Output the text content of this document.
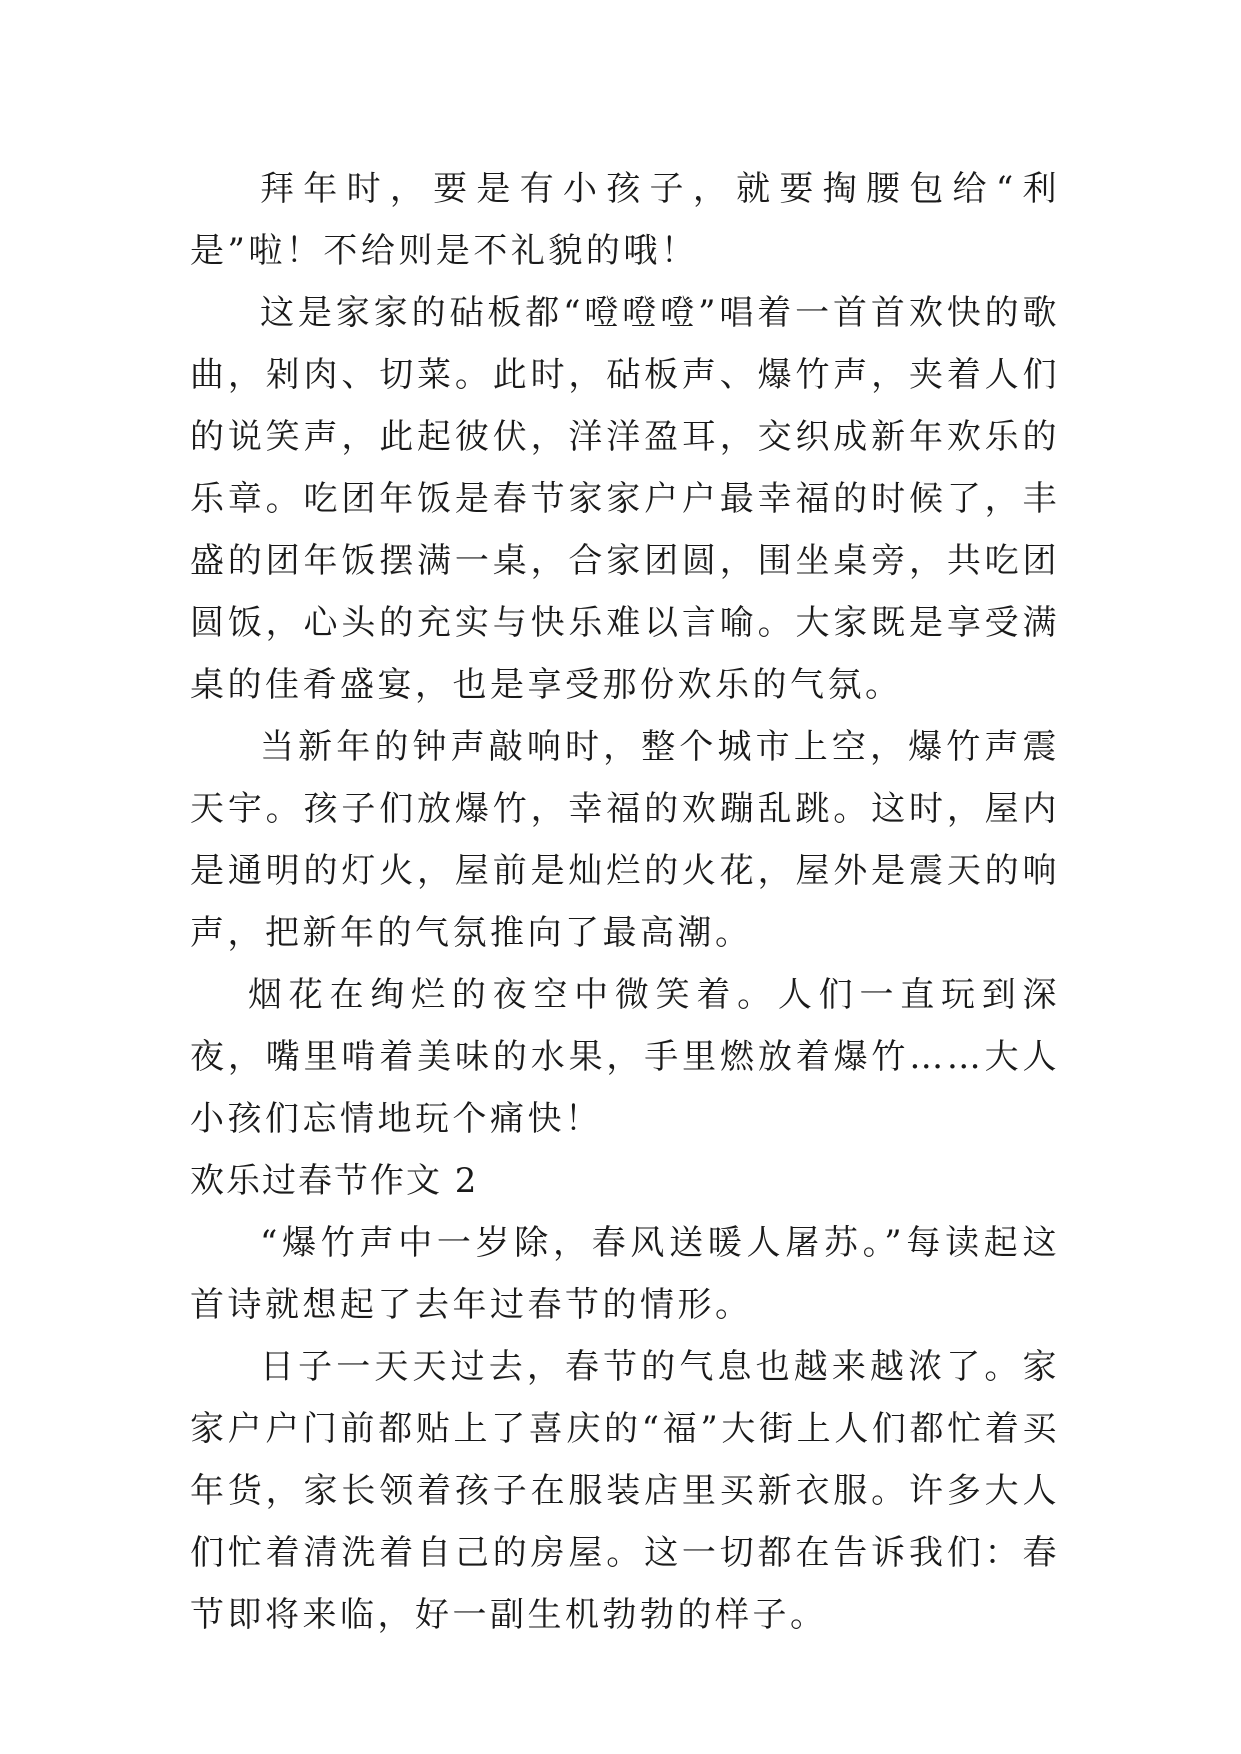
拜年时，要是有小孩子，就要掏腰包给“利是”啦！不给则是不礼貌的哦！

这是家家的砧板都“噔噔噔”唱着一首首欢快的歌曲，剁肉、切菜。此时，砧板声、爆竹声，夹着人们的说笑声，此起彼伏，洋洋盈耳，交织成新年欢乐的乐章。吃团年饭是春节家家户户最幸福的时候了，丰盛的团年饭摆满一桌，合家团圆，围坐桌旁，共吃团圆饭，心头的充实与快乐难以言喻。大家既是享受满桌的佳肴盛宴，也是享受那份欢乐的气氛。

当新年的钟声敲响时，整个城市上空，爆竹声震天宇。孩子们放爆竹，幸福的欢蹦乱跳。这时，屋内是通明的灯火，屋前是灿烂的火花，屋外是震天的响声，把新年的气氛推向了最高潮。

烟花在绚烂的夜空中微笑着。人们一直玩到深夜，嘴里啃着美味的水果，手里燃放着爆竹……大人小孩们忘情地玩个痛快！

欢乐过春节作文 2

“爆竹声中一岁除，春风送暖人屠苏。”每读起这首诗就想起了去年过春节的情形。

日子一天天过去，春节的气息也越来越浓了。家家户户门前都贴上了喜庆的“福”大街上人们都忙着买年货，家长领着孩子在服装店里买新衣服。许多大人们忙着清洗着自己的房屋。这一切都在告诉我们：春节即将来临，好一副生机勃勃的样子。
